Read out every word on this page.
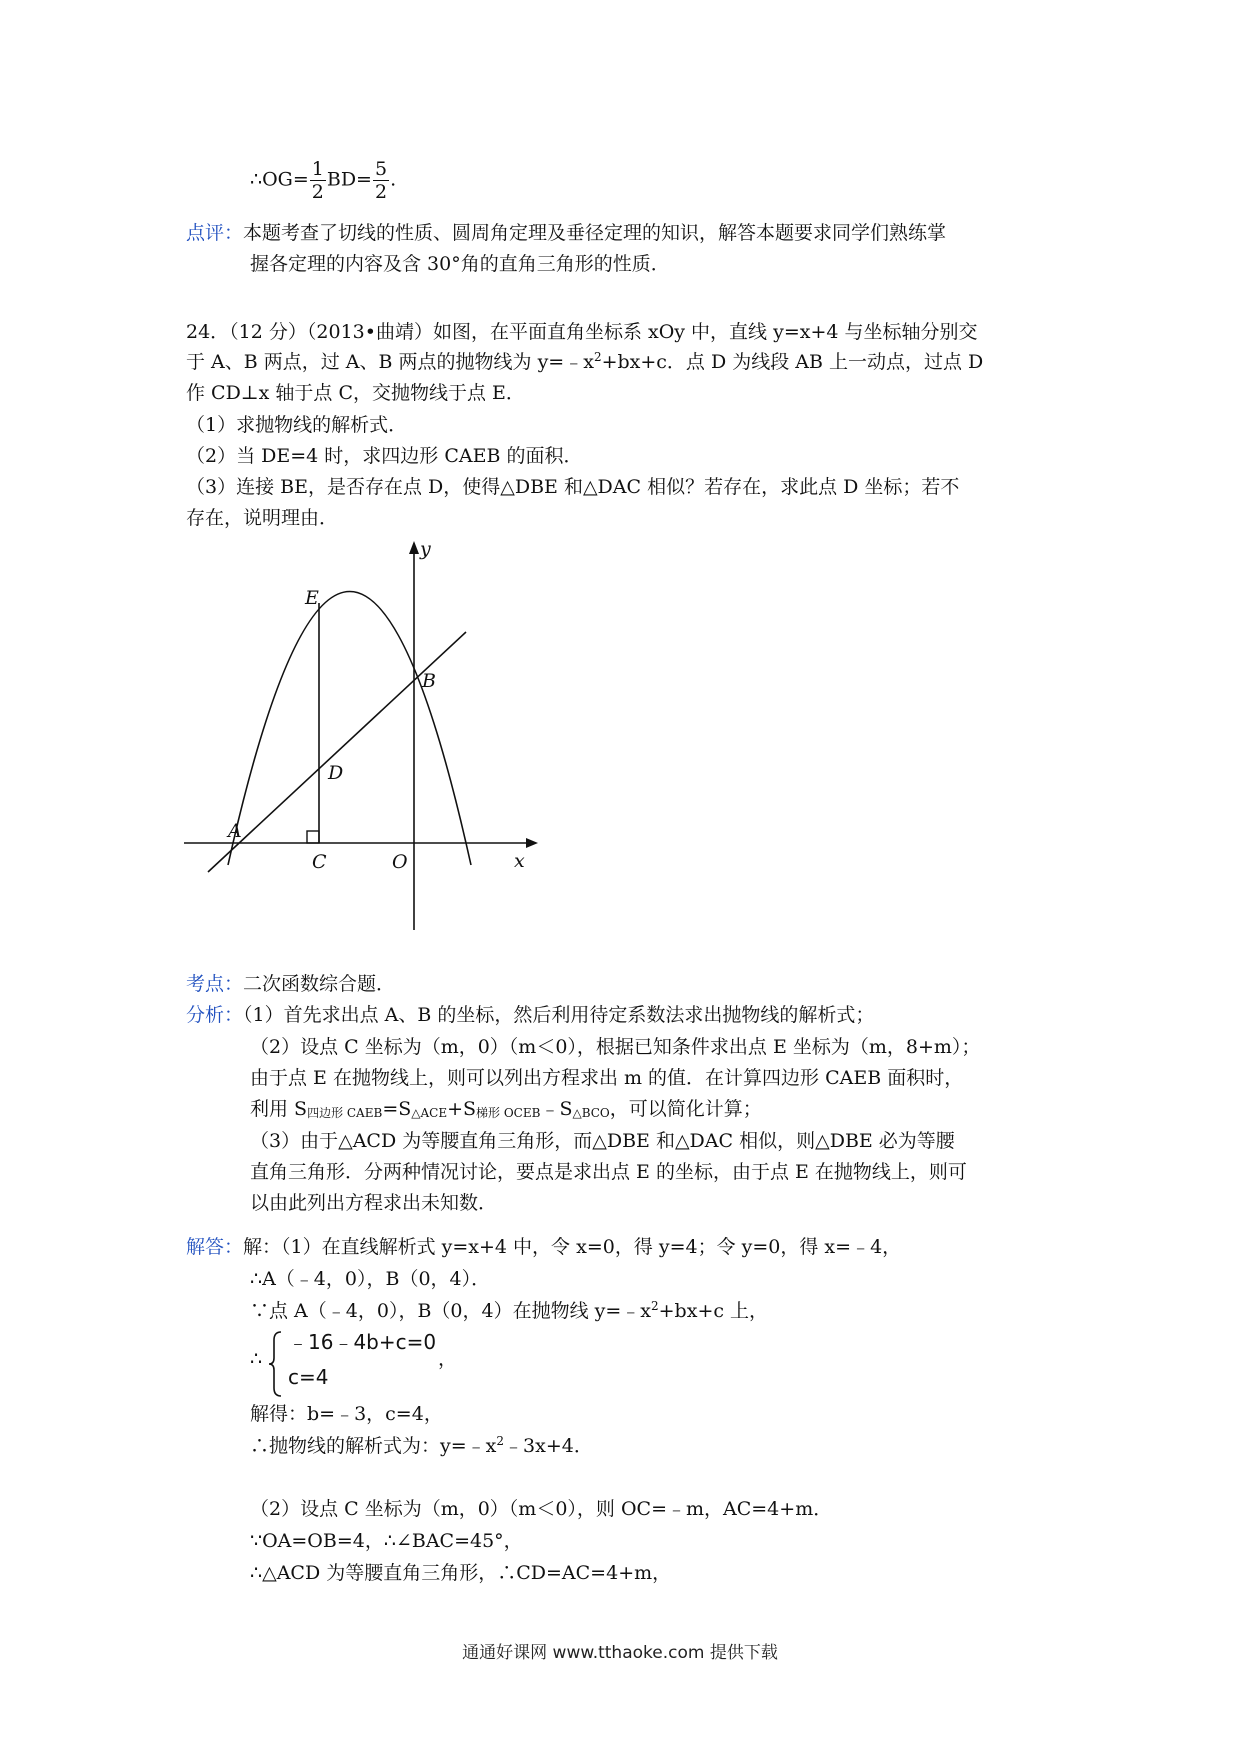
∴OG= $\frac{1}{2} BD= \frac{5}{2}$ .
点评：本题考查了切线的性质、圆周角定理及垂径定理的知识，解答本题要求同学们熟练掌
握各定理的内容及含 30°角的直角三角形的性质．
24．（12 分）（2013•曲靖）如图，在平面直角坐标系 xOy 中，直线 y=x+4 与坐标轴分别交
于 A、B 两点，过 A、B 两点的抛物线为 $y=﹣x^2+bx+c$．点 D 为线段 AB 上一动点，过点 D
作 CD⊥x 轴于点 C，交抛物线于点 E．
（1）求抛物线的解析式．
（2）当 DE=4 时，求四边形 CAEB 的面积．
（3）连接 BE，是否存在点 D，使得△DBE 和△DAC 相似？若存在，求此点 D 坐标；若不
存在，说明理由．
y
x
E
B
D
A
C	O
考点：二次函数综合题．
分析：（1）首先求出点 A、B 的坐标，然后利用待定系数法求出抛物线的解析式；
（2）设点 C 坐标为（m，0）（m＜0），根据已知条件求出点 E 坐标为（m，8+m）；
由于点 E 在抛物线上，则可以列出方程求出 m 的值．在计算四边形 CAEB 面积时，
利用 $S_{四边形 CAEB}=S_{\triangle ACE}+S_{梯形 OCEB}﹣S_{\triangle BCO}$，可以简化计算；
（3）由于△ACD 为等腰直角三角形，而△DBE 和△DAC 相似，则△DBE 必为等腰
直角三角形．分两种情况讨论，要点是求出点 E 的坐标，由于点 E 在抛物线上，则可
以由此列出方程求出未知数．
解答：解：（1）在直线解析式 y=x+4 中，令 x=0，得 y=4；令 y=0，得 x=﹣4，
∴A（﹣4，0），B（0，4）．
∵点 A（﹣4，0），B（0，4）在抛物线 $y=﹣x^2+bx+c$ 上，
∴
﹣16﹣4b+c=0
c=4
，
解得：b=﹣3，c=4，
∴抛物线的解析式为：$y=﹣x^2﹣3x+4$．
（2）设点 C 坐标为（m，0）（m＜0），则 OC=﹣m，AC=4+m．
∵OA=OB=4，∴∠BAC=45°，
∴△ACD 为等腰直角三角形，∴CD=AC=4+m，
通通好课网 www.tthaoke.com 提供下载
